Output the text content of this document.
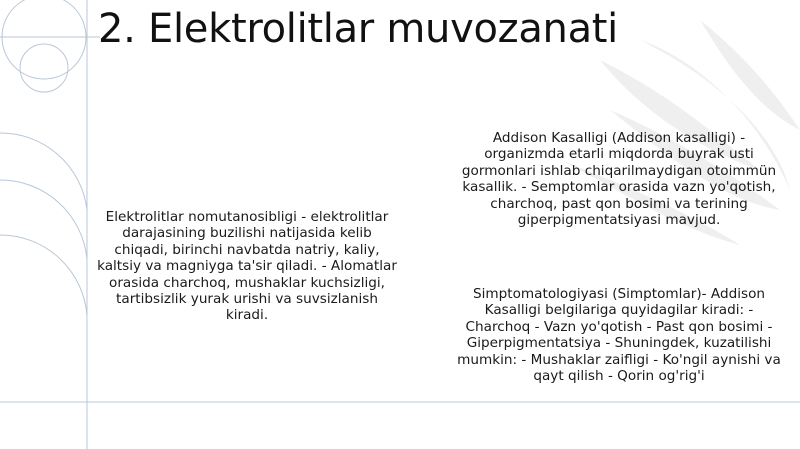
2. Elektrolitlar muvozanati

Elektrolitlar nomutanosibligi - elektrolitlar darajasining buzilishi natijasida kelib chiqadi, birinchi navbatda natriy, kaliy, kaltsiy va magniyga ta'sir qiladi. - Alomatlar orasida charchoq, mushaklar kuchsizligi, tartibsizlik yurak urishi va suvsizlanish kiradi.

Addison Kasalligi (Addison kasalligi) - organizmda etarli miqdorda buyrak usti gormonlari ishlab chiqarilmaydigan otoimmün kasallik. - Semptomlar orasida vazn yo'qotish, charchoq, past qon bosimi va terining giperpigmentatsiyasi mavjud.

Simptomatologiyasi (Simptomlar)- Addison Kasalligi belgilariga quyidagilar kiradi: - Charchoq - Vazn yo'qotish - Past qon bosimi - Giperpigmentatsiya - Shuningdek, kuzatilishi mumkin: - Mushaklar zaifligi - Ko'ngil aynishi va qayt qilish - Qorin og'rig'i
